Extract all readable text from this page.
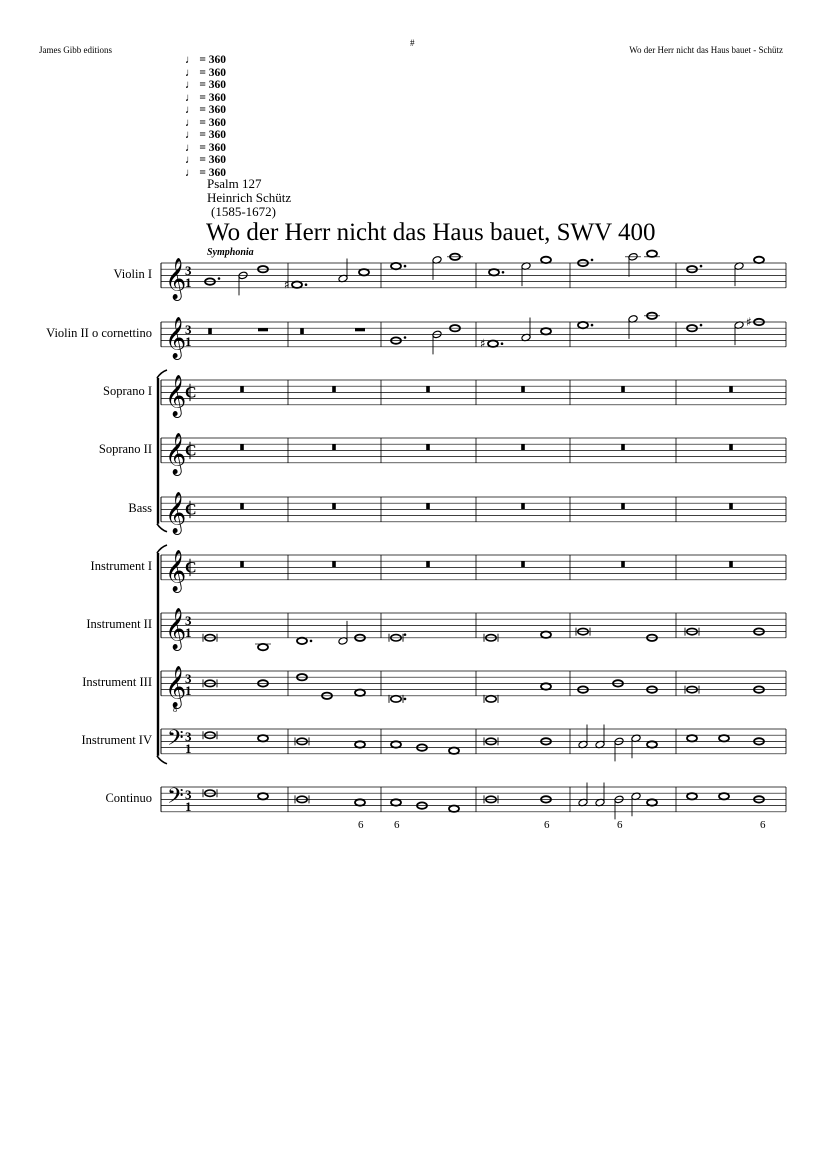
James Gibb editions
#
Wo der Herr nicht das Haus bauet - Schütz
♩ = 360
♩ = 360
♩ = 360
♩ = 360
♩ = 360
♩ = 360
♩ = 360
♩ = 360
♩ = 360
♩ = 360
Psalm 127
Heinrich Schütz
(1585-1672)
Wo der Herr nicht das Haus bauet, SWV 400
Symphonia
Violin I
Violin II o cornettino
Soprano I
Soprano II
Bass
Instrument I
Instrument II
Instrument III
Instrument IV
Continuo
𝄞
3
1
𝄞
3
1
𝄞
C
𝄞
C
𝄞
C
𝄞
C
𝄞
3
1
𝄞
8
3
1
𝄢 3
1
𝄢 3
1
♯
♯
♯
6	6	6	6	6
